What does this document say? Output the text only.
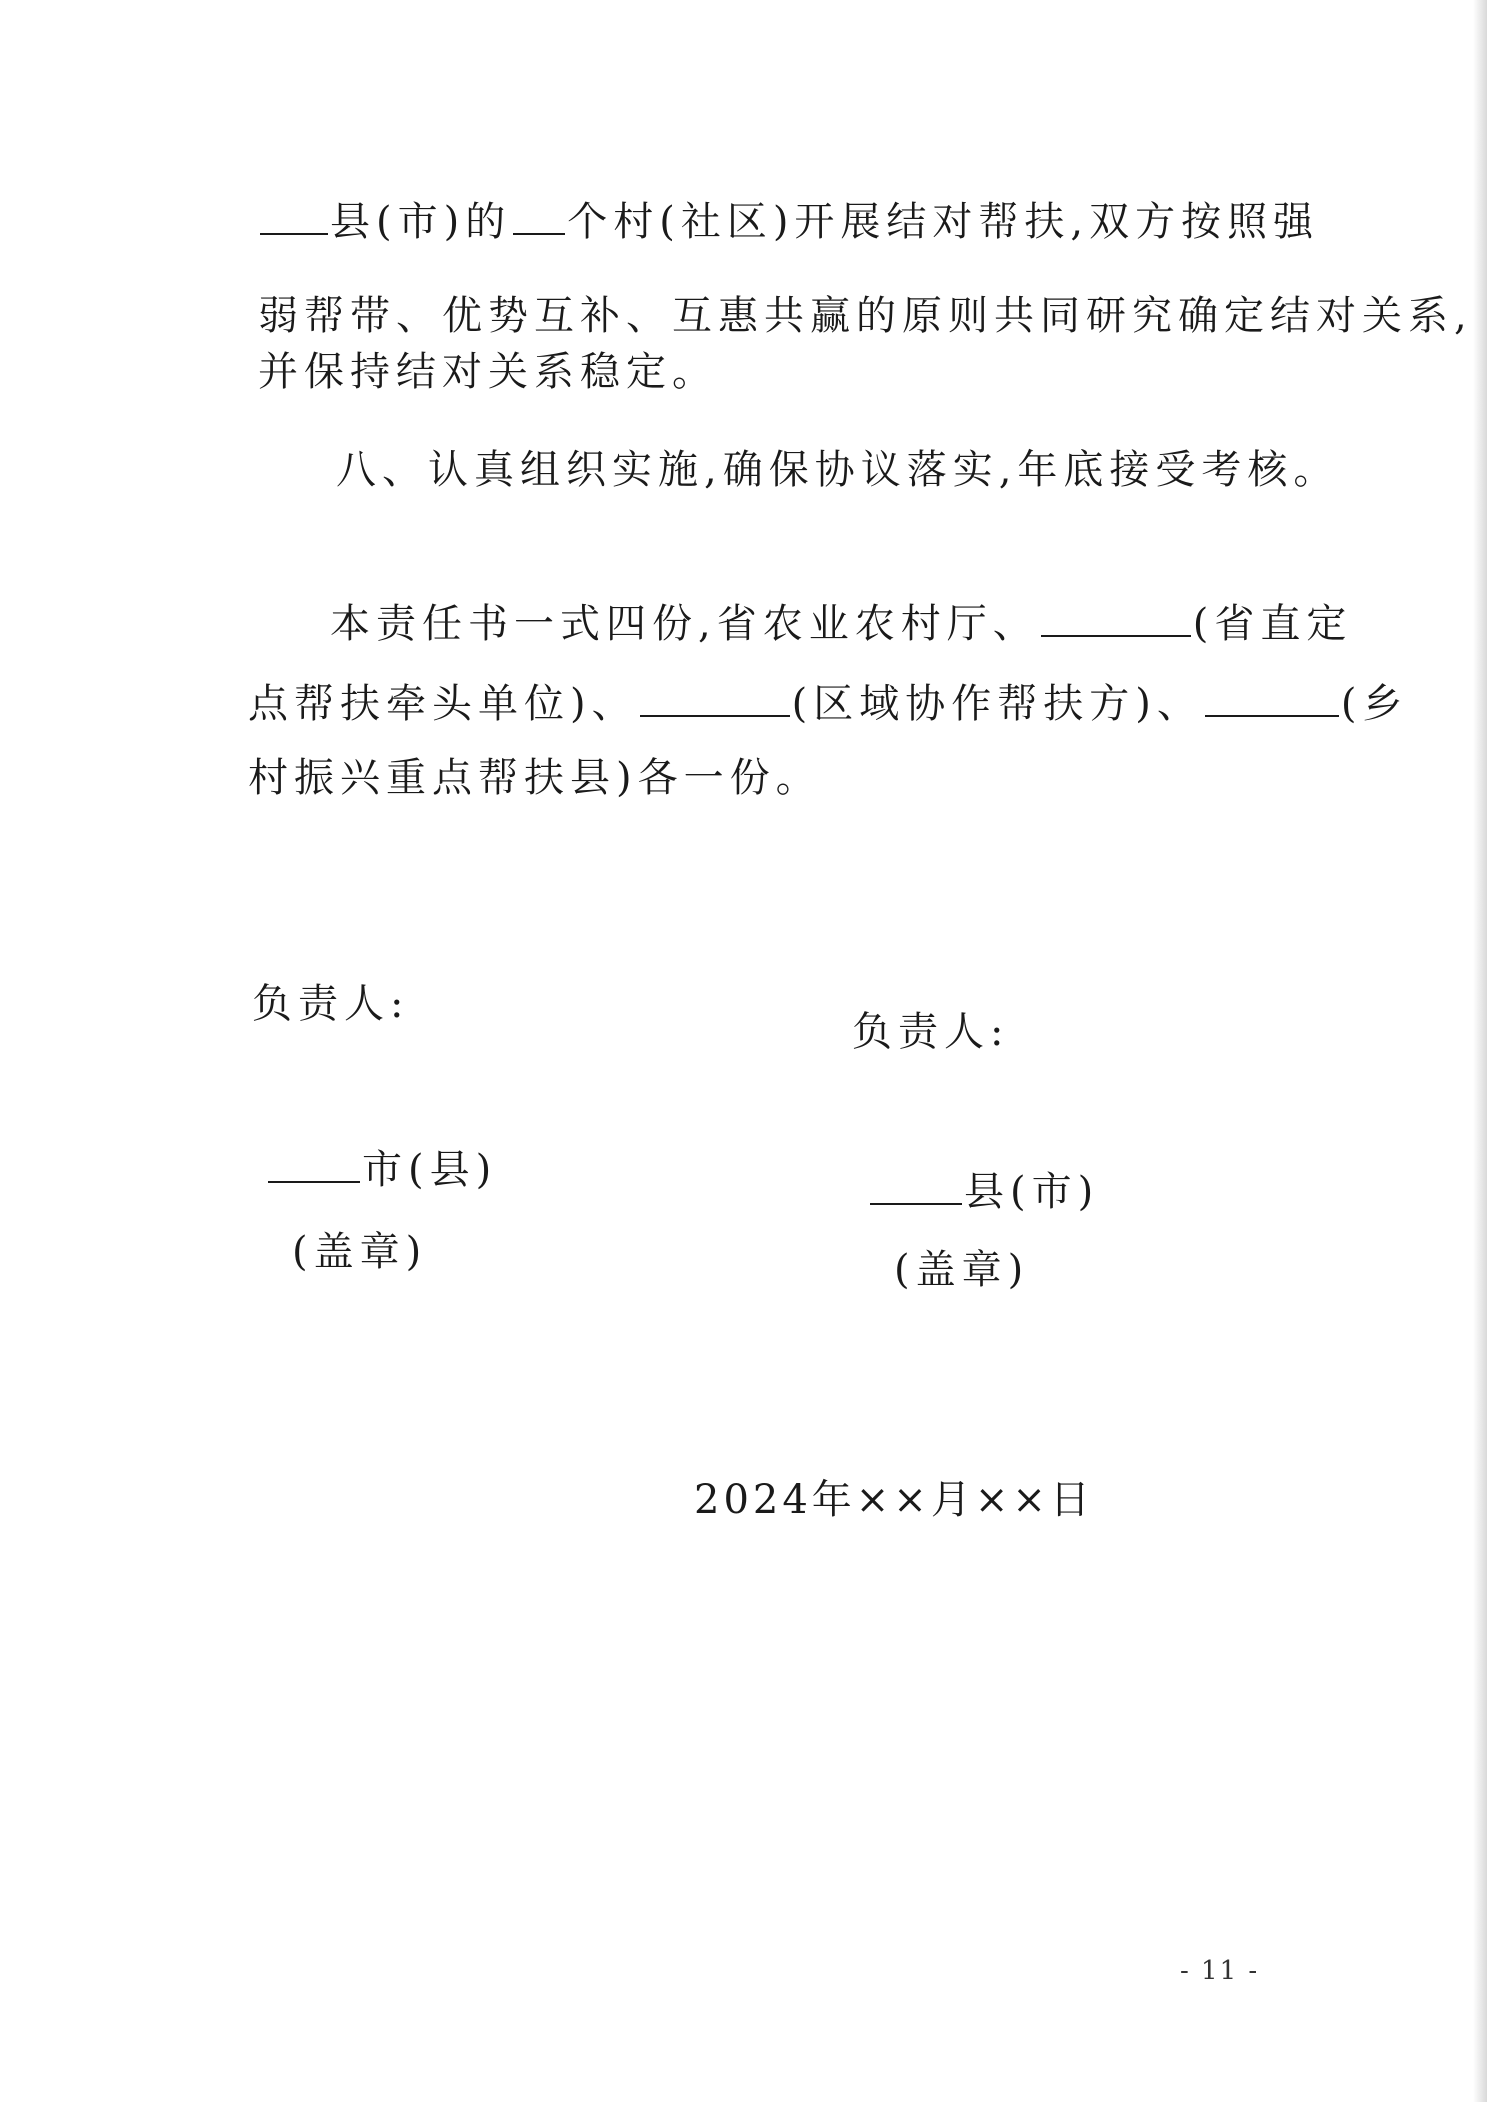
县(市)的 个村(社区)开展结对帮扶,双方按照强
弱帮带、优势互补、互惠共赢的原则共同研究确定结对关系,
并保持结对关系稳定。
八、认真组织实施,确保协议落实,年底接受考核。
本责任书一式四份,省农业农村厅、	(省直定
点帮扶牵头单位)、	(区域协作帮扶方)、	(乡
村振兴重点帮扶县)各一份。
负责人:
市(县)
(盖章)
负责人:
县(市)
(盖章)
2024年××月××日
- 11 -
